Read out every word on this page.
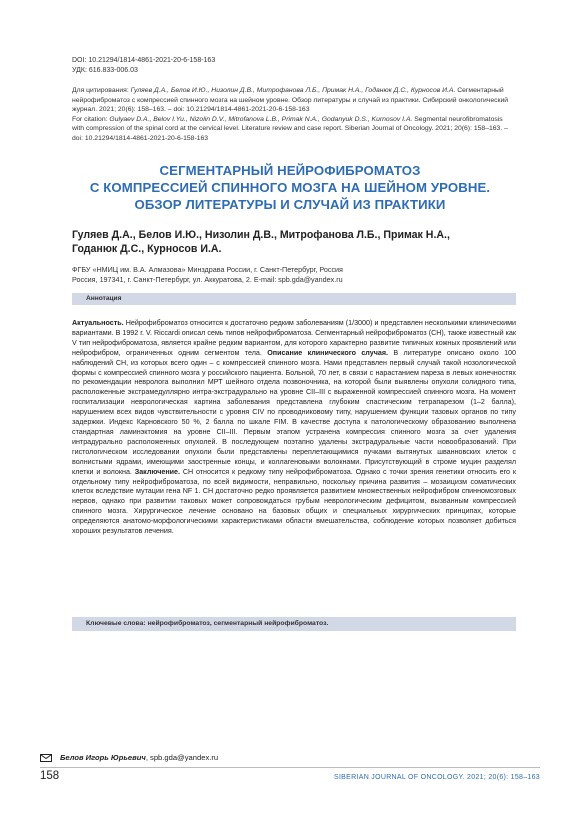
DOI: 10.21294/1814-4861-2021-20-6-158-163
УДК: 616.833-006.03
Для цитирования: Гуляев Д.А., Белов И.Ю., Низолин Д.В., Митрофанова Л.Б., Примак Н.А., Годанюк Д.С., Курносов И.А. Сегментарный нейрофиброматоз с компрессией спинного мозга на шейном уровне. Обзор литературы и случай из практики. Сибирский онкологический журнал. 2021; 20(6): 158–163. – doi: 10.21294/1814-4861-2021-20-6-158-163
For citation: Gulyaev D.A., Belov I.Yu., Nizolin D.V., Mitrofanova L.B., Primak N.A., Godanyuk D.S., Kurnosov I.A. Segmental neurofibromatosis with compression of the spinal cord at the cervical level. Literature review and case report. Siberian Journal of Oncology. 2021; 20(6): 158–163. – doi: 10.21294/1814-4861-2021-20-6-158-163
СЕГМЕНТАРНЫЙ НЕЙРОФИБРОМАТОЗ
С КОМПРЕССИЕЙ СПИННОГО МОЗГА НА ШЕЙНОМ УРОВНЕ.
ОБЗОР ЛИТЕРАТУРЫ И СЛУЧАЙ ИЗ ПРАКТИКИ
Гуляев Д.А., Белов И.Ю., Низолин Д.В., Митрофанова Л.Б., Примак Н.А.,
Годанюк Д.С., Курносов И.А.
ФГБУ «НМИЦ им. В.А. Алмазова» Минздрава России, г. Санкт-Петербург, Россия
Россия, 197341, г. Санкт-Петербург, ул. Аккуратова, 2. E-mail: spb.gda@yandex.ru
Аннотация
Актуальность. Нейрофиброматоз относится к достаточно редким заболеваниям (1/3000) и представлен несколькими клиническими вариантами. В 1992 г. V. Riccardi описал семь типов нейрофиброматоза. Сегментарный нейрофиброматоз (СН), также известный как V тип нейрофиброматоза, является крайне редким вариантом, для которого характерно развитие типичных кожных проявлений или нейрофибром, ограниченных одним сегментом тела. Описание клинического случая. В литературе описано около 100 наблюдений СН, из которых всего один – с компрессией спинного мозга. Нами представлен первый случай такой нозологической формы с компрессией спинного мозга у российского пациента. Больной, 70 лет, в связи с нарастанием пареза в левых конечностях по рекомендации невролога выполнил МРТ шейного отдела позвоночника, на которой были выявлены опухоли солидного типа, расположенные экстрамедуллярно интра-экстрадурально на уровне CII–III с выраженной компрессией спинного мозга. На момент госпитализации неврологическая картина заболевания представлена глубоким спастическим тетрапарезом (1–2 балла), нарушением всех видов чувствительности с уровня CIV по проводниковому типу, нарушением функции тазовых органов по типу задержки. Индекс Карновского 50 %, 2 балла по шкале FIM. В качестве доступа к патологическому образованию выполнена стандартная ламинэктомия на уровне CII–III. Первым этапом устранена компрессия спинного мозга за счет удаления интрадурально расположенных опухолей. В последующем поэтапно удалены экстрадуральные части новообразований. При гистологическом исследовании опухоли были представлены переплетающимися пучками вытянутых шванновских клеток с волнистыми ядрами, имеющими заостренные концы, и коллагеновыми волокнами. Присутствующий в строме муцин разделял клетки и волокна. Заключение. СН относится к редкому типу нейрофиброматоза. Однако с точки зрения генетики относить его к отдельному типу нейрофиброматоза, по всей видимости, неправильно, поскольку причина развития – мозаицизм соматических клеток вследствие мутации гена NF 1. СН достаточно редко проявляется развитием множественных нейрофибром спинномозговых нервов, однако при развитии таковых может сопровождаться грубым неврологическим дефицитом, вызванным компрессией спинного мозга. Хирургическое лечение основано на базовых общих и специальных хирургических принципах, которые определяются анатомо-морфологическими характеристиками области вмешательства, соблюдение которых позволяет добиться хороших результатов лечения.
Ключевые слова: нейрофиброматоз, сегментарный нейрофиброматоз.
Белов Игорь Юрьевич , spb.gda@yandex.ru
158	SIBERIAN JOURNAL OF ONCOLOGY. 2021; 20(6): 158–163
